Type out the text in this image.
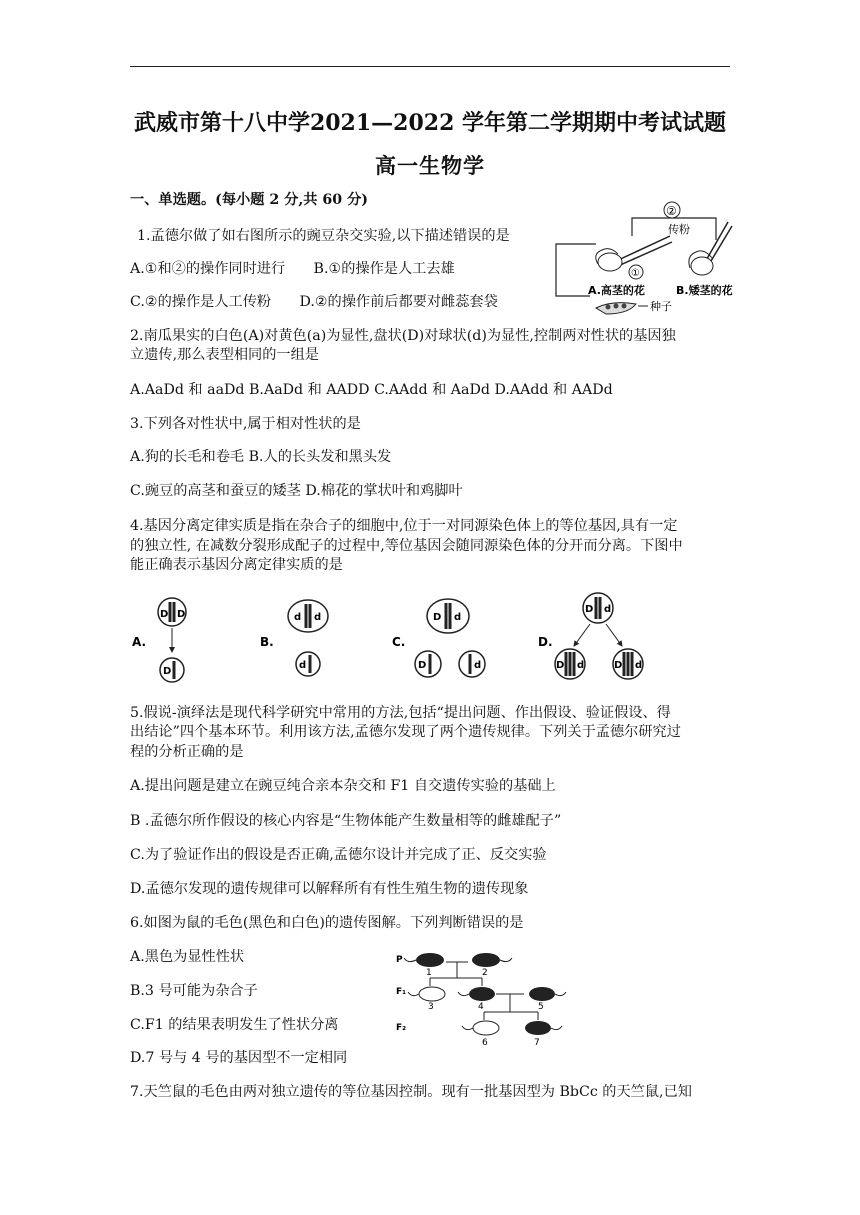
武威市第十八中学2021—2022 学年第二学期期中考试试题
高一生物学
一、单选题。(每小题 2 分,共 60 分)
1.孟德尔做了如右图所示的豌豆杂交实验,以下描述错误的是
A.①和②的操作同时进行　　B.①的操作是人工去雄
C.②的操作是人工传粉　　D.②的操作前后都要对雌蕊套袋
②
传粉
①
A.高茎的花	B.矮茎的花
种子
2.南瓜果实的白色(A)对黄色(a)为显性,盘状(D)对球状(d)为显性,控制两对性状的基因独
立遗传,那么表型相同的一组是
A.AaDd 和 aaDd B.AaDd 和 AADD C.AAdd 和 AaDd D.AAdd 和 AADd
3.下列各对性状中,属于相对性状的是
A.狗的长毛和卷毛 B.人的长头发和黑头发
C.豌豆的高茎和蚕豆的矮茎 D.棉花的掌状叶和鸡脚叶
4.基因分离定律实质是指在杂合子的细胞中,位于一对同源染色体上的等位基因,具有一定
的独立性, 在减数分裂形成配子的过程中,等位基因会随同源染色体的分开而分离。下图中
能正确表示基因分离定律实质的是
A.
D D
D
B.
d d
d
C.
D d
D	d
D.
D d
D d	D d
5.假说-演绎法是现代科学研究中常用的方法,包括“提出问题、作出假设、验证假设、得
出结论”四个基本环节。利用该方法,孟德尔发现了两个遗传规律。下列关于孟德尔研究过
程的分析正确的是
A.提出问题是建立在豌豆纯合亲本杂交和 F1 自交遗传实验的基础上
B .孟德尔所作假设的核心内容是“生物体能产生数量相等的雌雄配子”
C.为了验证作出的假设是否正确,孟德尔设计并完成了正、反交实验
D.孟德尔发现的遗传规律可以解释所有有性生殖生物的遗传现象
6.如图为鼠的毛色(黑色和白色)的遗传图解。下列判断错误的是
A.黑色为显性性状
B.3 号可能为杂合子
C.F1 的结果表明发生了性状分离
D.7 号与 4 号的基因型不一定相同
P
F₁
F₂
1	2
3	4	5
6	7
7.天竺鼠的毛色由两对独立遗传的等位基因控制。现有一批基因型为 BbCc 的天竺鼠,已知
